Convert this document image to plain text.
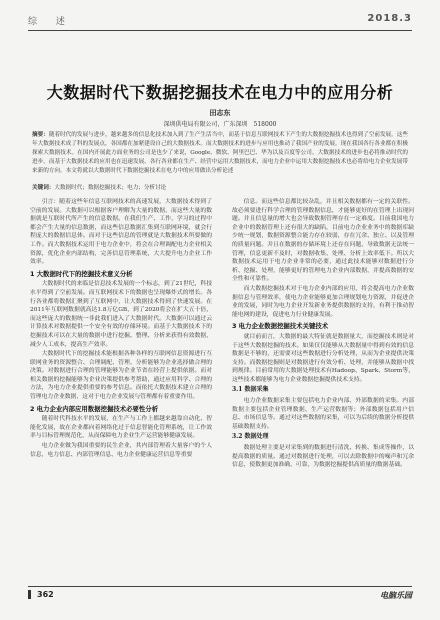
综 述	2018.3
大数据时代下数据挖掘技术在电力中的应用分析
田志东
深圳供电局有限公司，广东深圳　518000
摘要：随着时代的发展与进步，越来越多的信息化技术加入到了生产生活当中，而基于信息互联网技术下产生的大数据挖掘技术也得到了空前发展。这些年大数据技术成了科的发展点，各国都在加紧建设自己的大数据技术。而大数据技术的进步与应用也推动了我国产业的发展。现在我国各行各业都在积极探索大数据技术。在国内开展此方面业务的公司是也少了来说，Google、微软、阿里巴巴、华为以及百度等公司。大数据技术的进步也必将推动时代的进步。而基于大数据技术的应用也在迅速发展。各行各业都在生产、经营中运用大数据技术，而电力企业中运用大数据挖掘技术也必将给电力企业发展带来新的方向。本文将就以大数据时代下数据挖掘技术在电力中的应用做出分析论述
关键词：大数据时代；数据挖掘技术；电力；分析讨论

引言：随着这些年信息互联网技术的高速发展，大数据技术得到了空前的发展。大数据可以根据客户理解为大量的数据，而这些大量的数据就是互联时代所产生的信息数据。在我们生产、工作、学习的过程中都会产生大量的信息数据，而这些信息数据汇集到互联网环境，就会行程庞大的数据信息体。而对于这些信息的管理就是大数据技术所要做的工作。而大数据技术运用于电力企业中，将会在合理调配电力企业相关资源，优化企业内部结构，完善信息管理系统，大大提升电力企业工作效率。

1 大数据时代下的挖掘技术意义分析

大数据时代的来临是信息技术发展的一个标志，到了21世纪，科技水平得到了空前发展。而互联网技术下的数据也呈现爆炸式的增长。各行各业都将数据汇聚到了互联网中，让大数据技术得到了快速发展。在2011年互联网数据就高达1.8万亿GB，到了2020将会在扩大五十倍，而这些庞大的数据统一非此我们进入了大数据时代。大数据可以通过云计算技术对数据提供一个安全有效的存储环境。而基于大数据技术下的挖掘技术可以在大量的数据中进行挖掘、整理、分析来获得有效数据，减少人工成本，提高生产效率。

大数据时代下的挖掘技术能根据各种各样的互联网信息资源进行互联网业务的资源整合、合理调配、管理、分析能够为企业选择做合理的决策。对数据进行合理的管理能够为企业节省在经营上提供依据。而对相关数据的挖掘能够为企业决策提供参考帮助，通过应用科学、合理的方法，为电力企业提供重要的参考信息。而依托大数据技术建立合理的管理电力企业数据，这对于电力企业发展与管理都有着重要作用。

2 电力企业内部应用数据挖掘技术必要性分析

随着时代科技水平的发展，在生产与工作上都越来越靠自动化、智能化发展，故在企业都向着网络化过于信息智能化管理系统，让工作效率与目标管理规范化，从而保障电力企业生产运营能够健康发展。

电力企业做为我国重要的民生企业，其内部管理着大量客户的个人信息，电力信息、内部管理信息、电力企业健康运营信息等重要

信息。而这些信息都比较杂乱，并且相关数据都有一定的关联性。故必须要进行科学合理的管理数据信息，才能够更好的在管理上出现问题。并且信息量的增大也会导致数据管理存在一定难度。目前我国电力企业中的数据管理上还有很大的缺陷，目前电力企业业务中的数据库缺少统一规划，数据资源整合能力存在较弱，存在冗余、独立、以及管理的质量问题。并且在数据的存储环境上还存在问题，导致数据无法统一管理，信息更新不及时，对数据收集、处理、分析上效率低下。所以大数据技术运用于电力企业非常的必要，通过此技术能够对数据进行分析、挖掘、处理，能够更好的管理电力企业内部数据，并提高数据的安全性和可靠性。

而大数据挖掘技术对于电力企业内部的应用，将会提高电力企业数据信息与管理效率，使电力企业能够更加合理规划电力资源，并促进企业的发展，同时为电力企业开发新业务提供数据的支持，有利于推动智能电网的建设，促进电力行业健康发展。

3 电力企业数据挖掘技术关键技术

就目前而言，大数据的最大特征就是数据量大，而挖掘技术则是对于这些大数据挖掘的技术。如果仅仅能够从大数据量中得到有效的信息数据是不够的，还需要对这些数据进行分析处理，从而为企业提供决策支持。而数据挖掘则是对数据进行有效分析、处理，并能够从数据中找到规律。目前常用的大数据处理技术有Hadoop、Spark、Storm等，这些技术都能够为电力企业数据挖掘提供技术支持。

3.1 数据采集

电力企业数据采集主要包括电力企业内部、外部数据的采集。内部数据主要包括企业管理数据、生产运营数据等；外部数据包括用户信息、市场信息等。通过对这些数据的采集，可以为后续的数据分析提供基础数据支持。

3.2 数据处理

数据处理主要是对采集到的数据进行清洗、转换、集成等操作，以提高数据的质量。通过对数据进行处理，可以去除数据中的噪声和冗余信息，使数据更加准确、可靠，为数据挖掘提供高质量的数据基础。

362	电脑乐园
